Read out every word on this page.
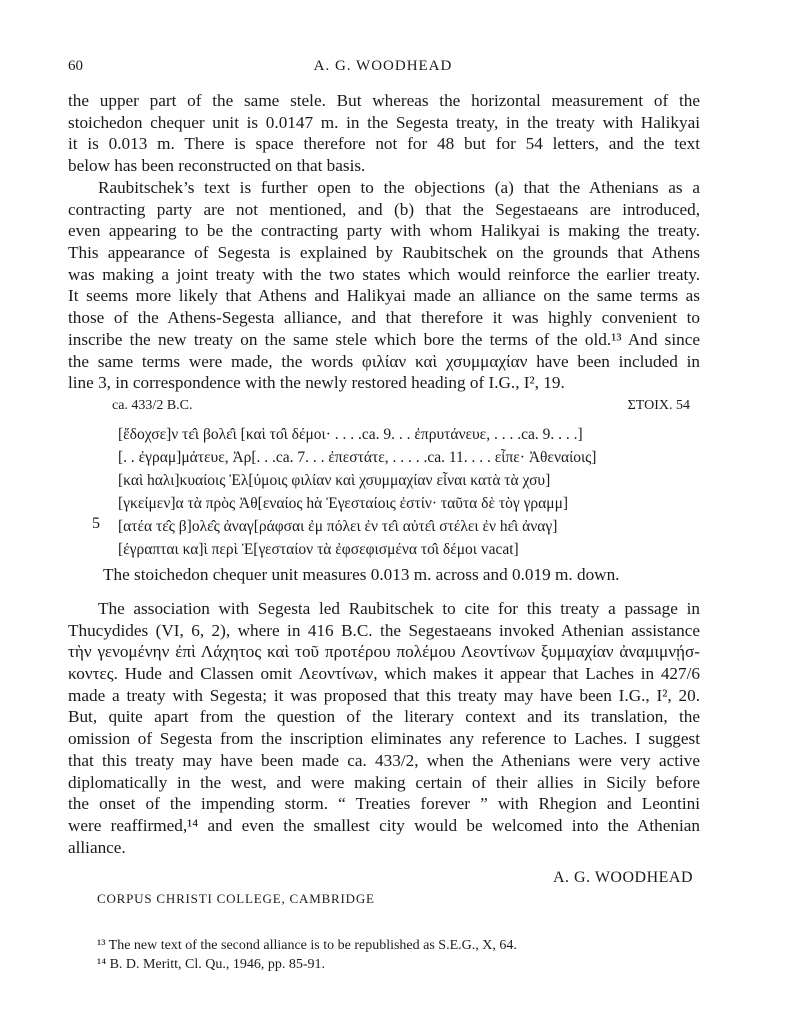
60	A. G. WOODHEAD
the upper part of the same stele. But whereas the horizontal measurement of the
stoichedon chequer unit is 0.0147 m. in the Segesta treaty, in the treaty with Halikyai
it is 0.013 m. There is space therefore not for 48 but for 54 letters, and the text
below has been reconstructed on that basis.
Raubitschek’s text is further open to the objections (a) that the Athenians as a
contracting party are not mentioned, and (b) that the Segestaeans are introduced,
even appearing to be the contracting party with whom Halikyai is making the treaty.
This appearance of Segesta is explained by Raubitschek on the grounds that Athens
was making a joint treaty with the two states which would reinforce the earlier treaty.
It seems more likely that Athens and Halikyai made an alliance on the same terms as
those of the Athens-Segesta alliance, and that therefore it was highly convenient to
inscribe the new treaty on the same stele which bore the terms of the old.¹³ And since
the same terms were made, the words φιλίαν καὶ χσυμμαχίαν have been included in
line 3, in correspondence with the newly restored heading of I.G., I², 19.
ca. 433/2 B.C.	ΣΤΟΙΧ. 54
[ἔδοχσε]ν τε̂ι βολε̂ι [καὶ το̂ι δέμοι· . . . .ca. 9. . . ἐπρυτάνευε, . . . .ca. 9. . . .]
[. . ἐγραμ]μάτευε, Ἀρ[. . .ca. 7. . . ἐπεστάτε, . . . . .ca. 11. . . . εἶπε· Ἀθεναίοις]
[καὶ hαλι]κυαίοις Ἐλ[ύμοις φιλίαν καὶ χσυμμαχίαν εἶναι κατὰ τὰ χσυ]
[γκείμεν]α τὰ πρὸς Ἀθ[εναίος hὰ Ἐγεσταίοις ἐστίν· ταῦτα δὲ τὸγ γραμμ]
[ατέα τε̂ς β]ολε̂ς ἀναγ[ράφσαι ἐμ πόλει ἐν τε̂ι αὐτε̂ι στέλει ἐν hε̂ι ἀναγ]
[έγραπται κα]ὶ περὶ Ἐ[γεσταίον τὰ ἐφσεφισμένα το̂ι δέμοι vacat]
5
The stoichedon chequer unit measures 0.013 m. across and 0.019 m. down.
The association with Segesta led Raubitschek to cite for this treaty a passage in
Thucydides (VI, 6, 2), where in 416 B.C. the Segestaeans invoked Athenian assistance
τὴν γενομένην ἐπὶ Λάχητος καὶ τοῦ προτέρου πολέμου Λεοντίνων ξυμμαχίαν ἀναμιμνῄσ-
κοντες. Hude and Classen omit Λεοντίνων, which makes it appear that Laches in 427/6
made a treaty with Segesta; it was proposed that this treaty may have been I.G., I², 20.
But, quite apart from the question of the literary context and its translation, the
omission of Segesta from the inscription eliminates any reference to Laches. I suggest
that this treaty may have been made ca. 433/2, when the Athenians were very active
diplomatically in the west, and were making certain of their allies in Sicily before
the onset of the impending storm. “ Treaties forever ” with Rhegion and Leontini
were reaffirmed,¹⁴ and even the smallest city would be welcomed into the Athenian
alliance.
A. G. WOODHEAD
CORPUS CHRISTI COLLEGE, CAMBRIDGE
¹³ The new text of the second alliance is to be republished as S.E.G., X, 64.
¹⁴ B. D. Meritt, Cl. Qu., 1946, pp. 85-91.
